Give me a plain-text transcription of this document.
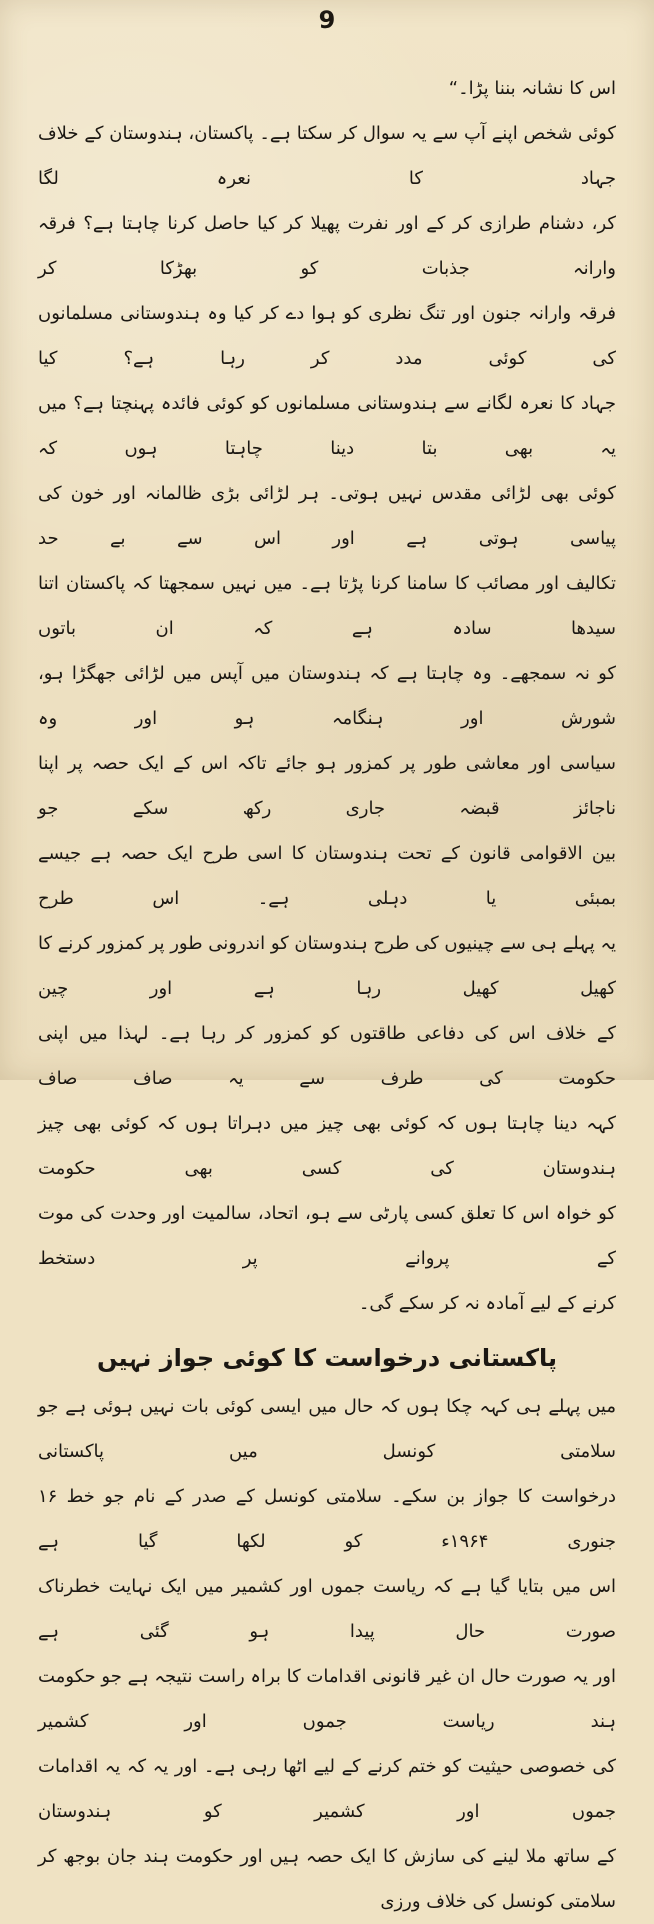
9
اس کا نشانہ بننا پڑا۔“
کوئی شخص اپنے آپ سے یہ سوال کر سکتا ہے۔ پاکستان، ہندوستان کے خلاف جہاد کا نعرہ لگا
کر، دشنام طرازی کر کے اور نفرت پھیلا کر کیا حاصل کرنا چاہتا ہے؟ فرقہ وارانہ جذبات کو بھڑکا کر
فرقہ وارانہ جنون اور تنگ نظری کو ہوا دے کر کیا وہ ہندوستانی مسلمانوں کی کوئی مدد کر رہا ہے؟ کیا
جہاد کا نعرہ لگانے سے ہندوستانی مسلمانوں کو کوئی فائدہ پہنچتا ہے؟ میں یہ بھی بتا دینا چاہتا ہوں کہ
کوئی بھی لڑائی مقدس نہیں ہوتی۔ ہر لڑائی بڑی ظالمانہ اور خون کی پیاسی ہوتی ہے اور اس سے بے حد
تکالیف اور مصائب کا سامنا کرنا پڑتا ہے۔ میں نہیں سمجھتا کہ پاکستان اتنا سیدھا سادہ ہے کہ ان باتوں
کو نہ سمجھے۔ وہ چاہتا ہے کہ ہندوستان میں آپس میں لڑائی جھگڑا ہو، شورش اور ہنگامہ ہو اور وہ
سیاسی اور معاشی طور پر کمزور ہو جائے تاکہ اس کے ایک حصہ پر اپنا ناجائز قبضہ جاری رکھ سکے جو
بین الاقوامی قانون کے تحت ہندوستان کا اسی طرح ایک حصہ ہے جیسے بمبئی یا دہلی ہے۔ اس طرح
یہ پہلے ہی سے چینیوں کی طرح ہندوستان کو اندرونی طور پر کمزور کرنے کا کھیل کھیل رہا ہے اور چین
کے خلاف اس کی دفاعی طاقتوں کو کمزور کر رہا ہے۔ لہذا میں اپنی حکومت کی طرف سے یہ صاف صاف
کہہ دینا چاہتا ہوں کہ کوئی بھی چیز میں دہراتا ہوں کہ کوئی بھی چیز ہندوستان کی کسی بھی حکومت
کو خواہ اس کا تعلق کسی پارٹی سے ہو، اتحاد، سالمیت اور وحدت کی موت کے پروانے پر دستخط
کرنے کے لیے آمادہ نہ کر سکے گی۔
پاکستانی درخواست کا کوئی جواز نہیں
میں پہلے ہی کہہ چکا ہوں کہ حال میں ایسی کوئی بات نہیں ہوئی ہے جو سلامتی کونسل میں پاکستانی
درخواست کا جواز بن سکے۔ سلامتی کونسل کے صدر کے نام جو خط ۱۶ جنوری ۱۹۶۴ء کو لکھا گیا ہے
اس میں بتایا گیا ہے کہ ریاست جموں اور کشمیر میں ایک نہایت خطرناک صورت حال پیدا ہو گئی ہے
اور یہ صورت حال ان غیر قانونی اقدامات کا براہ راست نتیجہ ہے جو حکومت ہند ریاست جموں اور کشمیر
کی خصوصی حیثیت کو ختم کرنے کے لیے اٹھا رہی ہے۔ اور یہ کہ یہ اقدامات جموں اور کشمیر کو ہندوستان
کے ساتھ ملا لینے کی سازش کا ایک حصہ ہیں اور حکومت ہند جان بوجھ کر سلامتی کونسل کی خلاف ورزی
